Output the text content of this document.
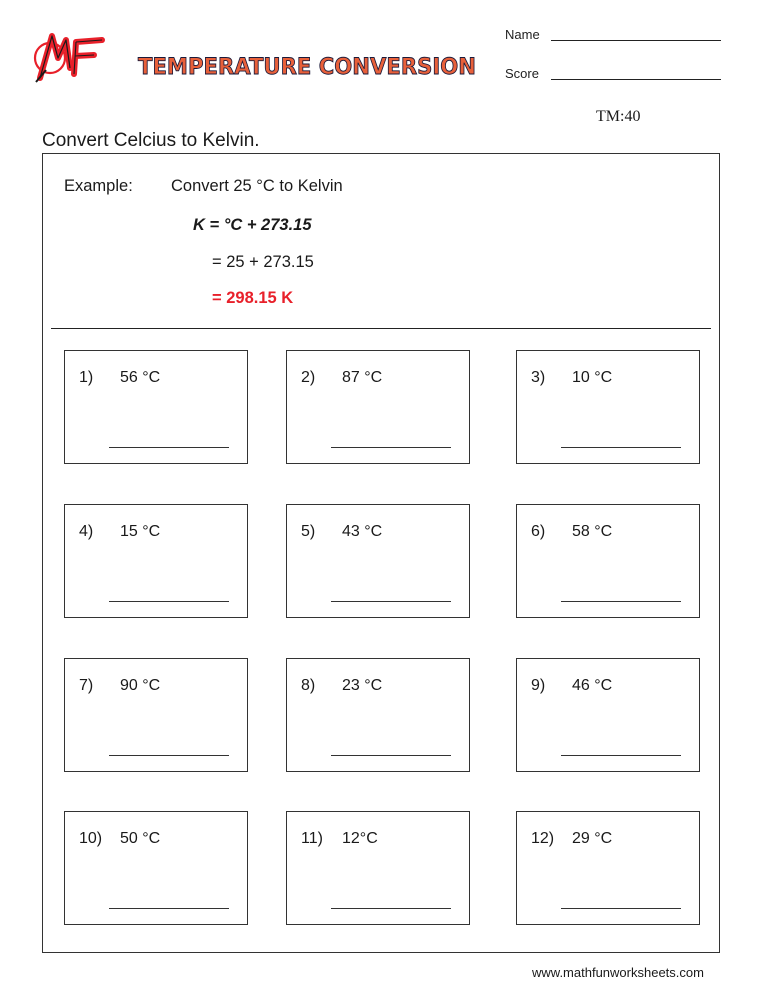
TEMPERATURE CONVERSION
Name
Score
TM:40
Convert Celcius to Kelvin.
Example: Convert 25 °C to Kelvin
K = °C + 273.15
= 25 + 273.15
= 298.15 K
1) 56 °C	2) 87 °C	3) 10 °C
4) 15 °C	5) 43 °C	6) 58 °C
7) 90 °C	8) 23 °C	9) 46 °C
10) 50 °C	11) 12°C	12) 29 °C
www.mathfunworksheets.com
